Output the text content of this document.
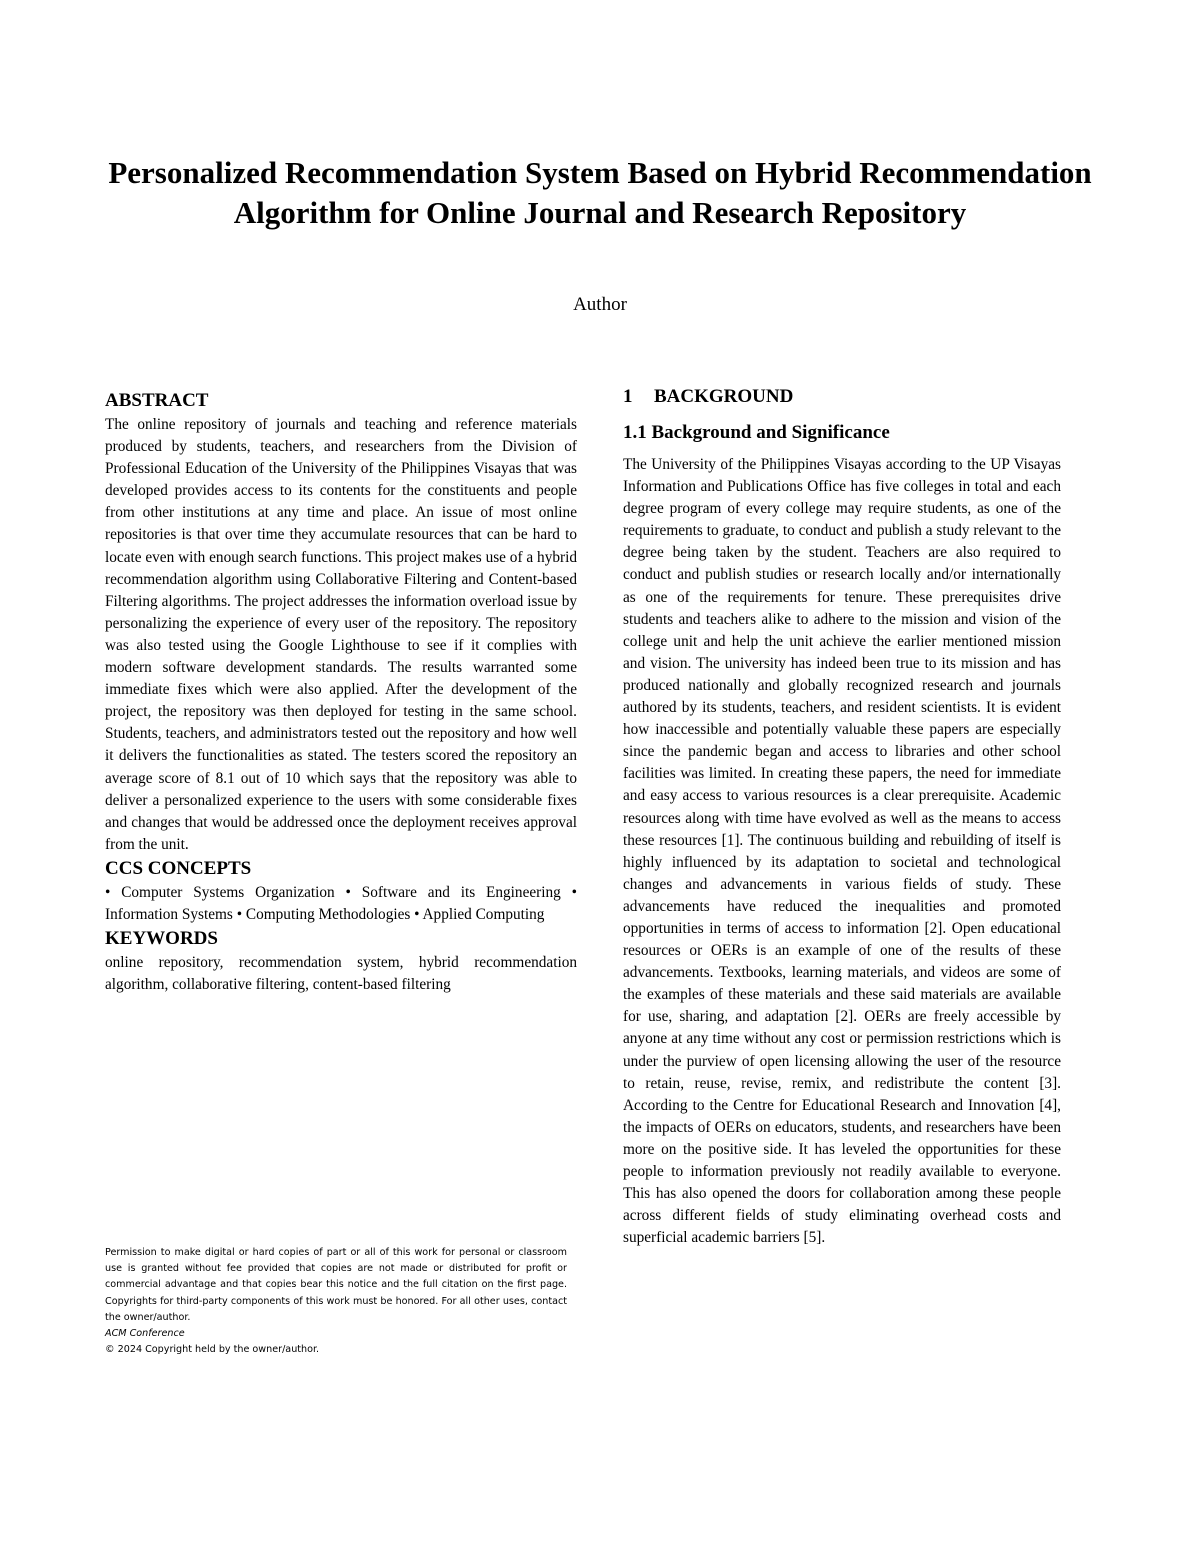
Personalized Recommendation System Based on Hybrid Recommendation Algorithm for Online Journal and Research Repository
Author
ABSTRACT

The online repository of journals and teaching and reference materials produced by students, teachers, and researchers from the Division of Professional Education of the University of the Philippines Visayas that was developed provides access to its contents for the constituents and people from other institutions at any time and place. An issue of most online repositories is that over time they accumulate resources that can be hard to locate even with enough search functions. This project makes use of a hybrid recommendation algorithm using Collaborative Filtering and Content-based Filtering algorithms. The project addresses the information overload issue by personalizing the experience of every user of the repository. The repository was also tested using the Google Lighthouse to see if it complies with modern software development standards. The results warranted some immediate fixes which were also applied. After the development of the project, the repository was then deployed for testing in the same school. Students, teachers, and administrators tested out the repository and how well it delivers the functionalities as stated. The testers scored the repository an average score of 8.1 out of 10 which says that the repository was able to deliver a personalized experience to the users with some considerable fixes and changes that would be addressed once the deployment receives approval from the unit.

CCS CONCEPTS

• Computer Systems Organization • Software and its Engineering • Information Systems • Computing Methodologies • Applied Computing

KEYWORDS

online repository, recommendation system, hybrid recommendation algorithm, collaborative filtering, content-based filtering

Permission to make digital or hard copies of part or all of this work for personal or classroom use is granted without fee provided that copies are not made or distributed for profit or commercial advantage and that copies bear this notice and the full citation on the first page. Copyrights for third-party components of this work must be honored. For all other uses, contact the owner/author.

ACM Conference

© 2024 Copyright held by the owner/author.

1 BACKGROUND
1.1 Background and Significance

The University of the Philippines Visayas according to the UP Visayas Information and Publications Office has five colleges in total and each degree program of every college may require students, as one of the requirements to graduate, to conduct and publish a study relevant to the degree being taken by the student. Teachers are also required to conduct and publish studies or research locally and/or internationally as one of the requirements for tenure. These prerequisites drive students and teachers alike to adhere to the mission and vision of the college unit and help the unit achieve the earlier mentioned mission and vision. The university has indeed been true to its mission and has produced nationally and globally recognized research and journals authored by its students, teachers, and resident scientists. It is evident how inaccessible and potentially valuable these papers are especially since the pandemic began and access to libraries and other school facilities was limited. In creating these papers, the need for immediate and easy access to various resources is a clear prerequisite. Academic resources along with time have evolved as well as the means to access these resources [1]. The continuous building and rebuilding of itself is highly influenced by its adaptation to societal and technological changes and advancements in various fields of study. These advancements have reduced the inequalities and promoted opportunities in terms of access to information [2]. Open educational resources or OERs is an example of one of the results of these advancements. Textbooks, learning materials, and videos are some of the examples of these materials and these said materials are available for use, sharing, and adaptation [2]. OERs are freely accessible by anyone at any time without any cost or permission restrictions which is under the purview of open licensing allowing the user of the resource to retain, reuse, revise, remix, and redistribute the content [3]. According to the Centre for Educational Research and Innovation [4], the impacts of OERs on educators, students, and researchers have been more on the positive side. It has leveled the opportunities for these people to information previously not readily available to everyone. This has also opened the doors for collaboration among these people across different fields of study eliminating overhead costs and superficial academic barriers [5].
